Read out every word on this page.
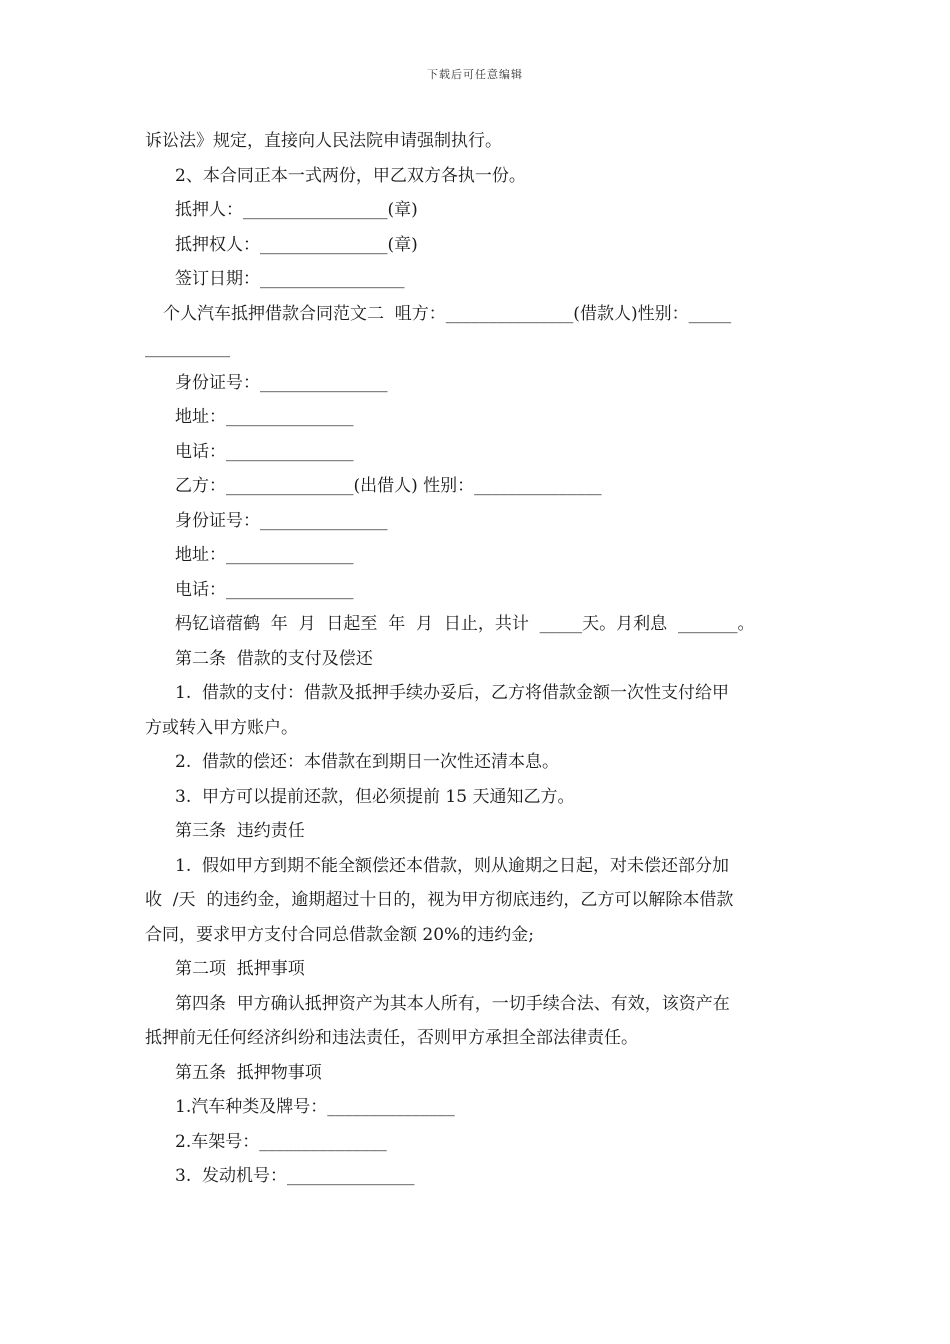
下载后可任意编辑
诉讼法》规定，直接向人民法院申请强制执行。
2、本合同正本一式两份，甲乙双方各执一份。
抵押人：_________________(章)
抵押权人：_______________(章)
签订日期：_________________
个人汽车抵押借款合同范文二  咀方：_______________(借款人)性别：_____
__________
身份证号：_______________
地址：_______________
电话：_______________
乙方：_______________(出借人) 性别：_______________
身份证号：_______________
地址：_______________
电话：_______________
杩钇谙蓿鹤  年  月  日起至  年  月  日止，共计  _____天。月利息  _______。
第二条  借款的支付及偿还
1.  借款的支付：借款及抵押手续办妥后，乙方将借款金额一次性支付给甲
方或转入甲方账户。
2.  借款的偿还：本借款在到期日一次性还清本息。
3.  甲方可以提前还款，但必须提前 15 天通知乙方。
第三条  违约责任
1.  假如甲方到期不能全额偿还本借款，则从逾期之日起，对未偿还部分加
收  /天  的违约金，逾期超过十日的，视为甲方彻底违约，乙方可以解除本借款
合同，要求甲方支付合同总借款金额 20%的违约金;
第二项  抵押事项
第四条  甲方确认抵押资产为其本人所有，一切手续合法、有效，该资产在
抵押前无任何经济纠纷和违法责任，否则甲方承担全部法律责任。
第五条  抵押物事项
1.汽车种类及牌号：_______________
2.车架号：_______________
3.  发动机号：_______________
